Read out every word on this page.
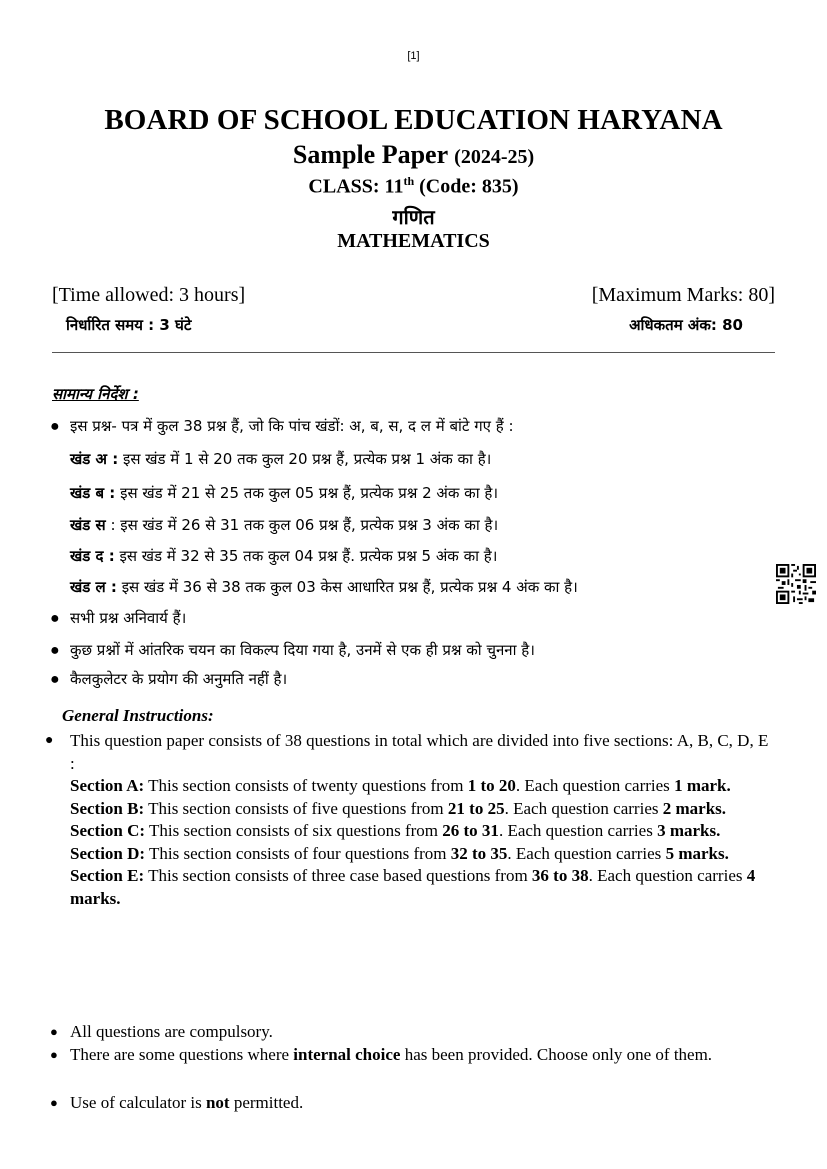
[1]
BOARD OF SCHOOL EDUCATION HARYANA
Sample Paper (2024-25)
CLASS: 11th (Code: 835)
गणित
MATHEMATICS
[Time allowed: 3 hours]	[Maximum Marks: 80]
निर्धारित समय : 3 घंटे	अधिकतम अंक: 80
सामान्य निर्देश :
● इस प्रश्न- पत्र में कुल 38 प्रश्न हैं, जो कि पांच खंडों: अ, ब, स, द ल में बांटे गए हैं :
खंड अ : इस खंड में 1 से 20 तक कुल 20 प्रश्न हैं, प्रत्येक प्रश्न 1 अंक का है।
खंड ब : इस खंड में 21 से 25 तक कुल 05 प्रश्न हैं, प्रत्येक प्रश्न 2 अंक का है।
खंड स : इस खंड में 26 से 31 तक कुल 06 प्रश्न हैं, प्रत्येक प्रश्न 3 अंक का है।
खंड द : इस खंड में 32 से 35 तक कुल 04 प्रश्न हैं. प्रत्येक प्रश्न 5 अंक का है।
खंड ल : इस खंड में 36 से 38 तक कुल 03 केस आधारित प्रश्न हैं, प्रत्येक प्रश्न 4 अंक का है।
● सभी प्रश्न अनिवार्य हैं।
● कुछ प्रश्नों में आंतरिक चयन का विकल्प दिया गया है, उनमें से एक ही प्रश्न को चुनना है।
● कैलकुलेटर के प्रयोग की अनुमति नहीं है।
General Instructions:
● This question paper consists of 38 questions in total which are divided into five sections: A, B, C, D, E :
Section A: This section consists of twenty questions from 1 to 20. Each question carries 1 mark.
Section B: This section consists of five questions from 21 to 25. Each question carries 2 marks.
Section C: This section consists of six questions from 26 to 31. Each question carries 3 marks.
Section D: This section consists of four questions from 32 to 35. Each question carries 5 marks.
Section E: This section consists of three case based questions from 36 to 38. Each question carries 4 marks.
● All questions are compulsory.
● There are some questions where internal choice has been provided. Choose only one of them.
● Use of calculator is not permitted.
